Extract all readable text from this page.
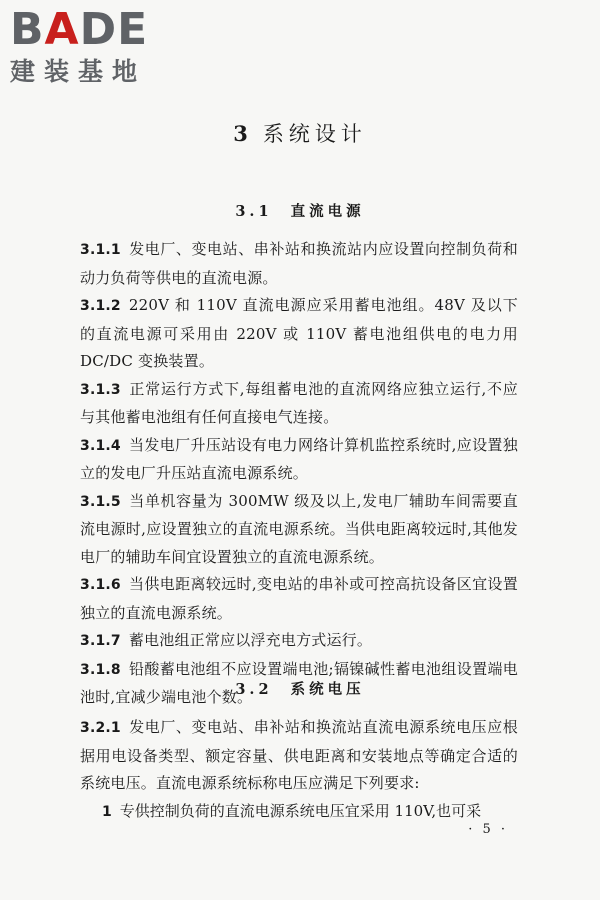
BADE
建装基地
3 系统设计
3.1 直流电源
3.1.1 发电厂、变电站、串补站和换流站内应设置向控制负荷和动力负荷等供电的直流电源。
3.1.2 220V 和 110V 直流电源应采用蓄电池组。48V 及以下的直流电源可采用由 220V 或 110V 蓄电池组供电的电力用 DC/DC 变换装置。
3.1.3 正常运行方式下,每组蓄电池的直流网络应独立运行,不应与其他蓄电池组有任何直接电气连接。
3.1.4 当发电厂升压站设有电力网络计算机监控系统时,应设置独立的发电厂升压站直流电源系统。
3.1.5 当单机容量为 300MW 级及以上,发电厂辅助车间需要直流电源时,应设置独立的直流电源系统。当供电距离较远时,其他发电厂的辅助车间宜设置独立的直流电源系统。
3.1.6 当供电距离较远时,变电站的串补或可控高抗设备区宜设置独立的直流电源系统。
3.1.7 蓄电池组正常应以浮充电方式运行。
3.1.8 铅酸蓄电池组不应设置端电池;镉镍碱性蓄电池组设置端电池时,宜减少端电池个数。
3.2 系统电压
3.2.1 发电厂、变电站、串补站和换流站直流电源系统电压应根据用电设备类型、额定容量、供电距离和安装地点等确定合适的系统电压。直流电源系统标称电压应满足下列要求:
1 专供控制负荷的直流电源系统电压宜采用 110V,也可采
· 5 ·
